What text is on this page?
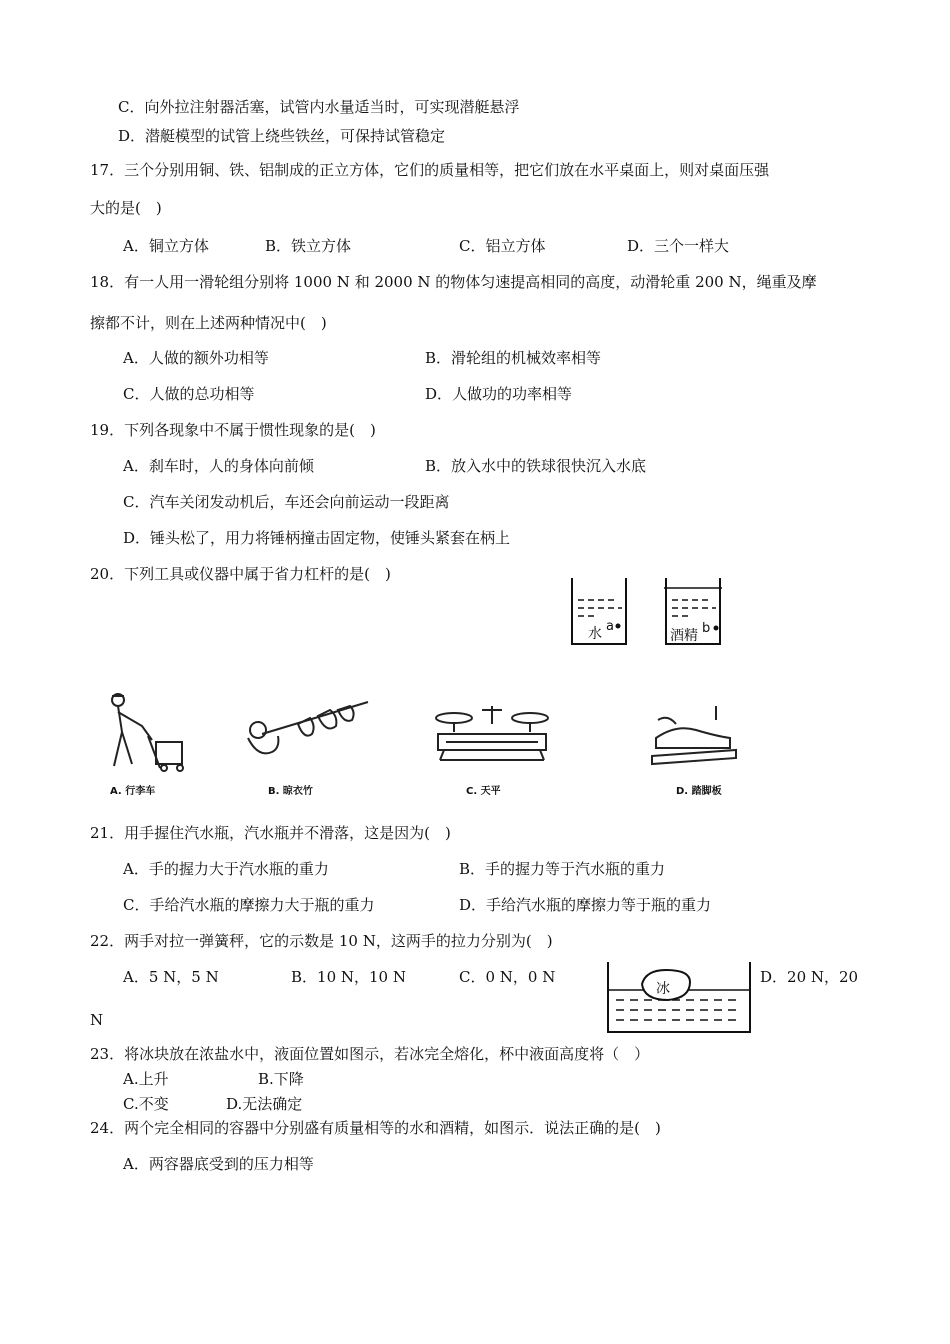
C．向外拉注射器活塞，试管内水量适当时，可实现潜艇悬浮
D．潜艇模型的试管上绕些铁丝，可保持试管稳定
17．三个分别用铜、铁、铝制成的正立方体，它们的质量相等，把它们放在水平桌面上，则对桌面压强
大的是(　)
A．铜立方体	B．铁立方体	C．铝立方体	D．三个一样大
18．有一人用一滑轮组分别将 1000 N 和 2000 N 的物体匀速提高相同的高度，动滑轮重 200 N，绳重及摩
擦都不计，则在上述两种情况中(　)
A．人做的额外功相等	B．滑轮组的机械效率相等
C．人做的总功相等	D．人做功的功率相等
19．下列各现象中不属于惯性现象的是(　)
A．刹车时，人的身体向前倾	B．放入水中的铁球很快沉入水底
C．汽车关闭发动机后，车还会向前运动一段距离
D．锤头松了，用力将锤柄撞击固定物，使锤头紧套在柄上
20．下列工具或仪器中属于省力杠杆的是(　)
水 a
酒精 b
A. 行李车	B. 晾衣竹	C. 天平	D. 踏脚板
21．用手握住汽水瓶，汽水瓶并不滑落，这是因为(　)
A．手的握力大于汽水瓶的重力	B．手的握力等于汽水瓶的重力
C．手给汽水瓶的摩擦力大于瓶的重力	D．手给汽水瓶的摩擦力等于瓶的重力
22．两手对拉一弹簧秤，它的示数是 10 N，这两手的拉力分别为(　)
A．5 N，5 N	B．10 N，10 N	C．0 N，0 N	D．20 N，20
N
冰
23．将冰块放在浓盐水中，液面位置如图示，若冰完全熔化，杯中液面高度将（　）
A.上升	B.下降
C.不变	D.无法确定
24．两个完全相同的容器中分别盛有质量相等的水和酒精，如图示．说法正确的是(　)
A．两容器底受到的压力相等
